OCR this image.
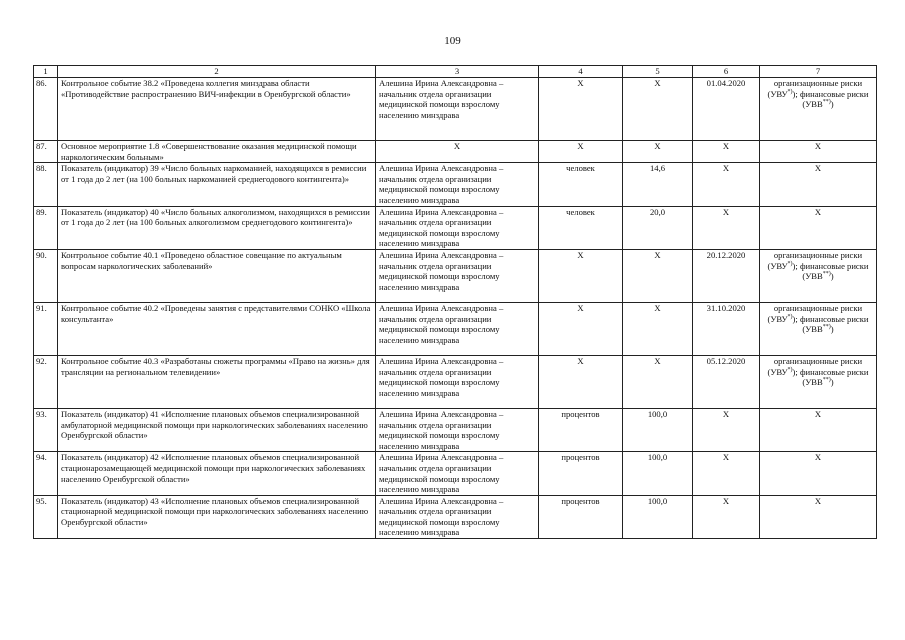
109
1	2	3	4	5	6	7
86.	Контрольное событие 38.2 «Проведена коллегия минздрава области «Противодействие распространению ВИЧ-инфекции в Оренбургской области»	Алешина Ирина Александровна – начальник отдела организации медицинской помощи взрослому населению минздрава	Х	Х	01.04.2020	организационные риски (УВУ*)); финансовые риски (УВВ**))
87.	Основное мероприятие 1.8 «Совершенствование оказания медицинской помощи наркологическим больным»	Х	Х	Х	Х	Х
88.	Показатель (индикатор) 39 «Число больных наркоманией, находящихся в ремиссии от 1 года до 2 лет (на 100 больных наркоманией среднегодового контингента)»	Алешина Ирина Александровна – начальник отдела организации медицинской помощи взрослому населению минздрава	человек	14,6	Х	Х
89.	Показатель (индикатор) 40 «Число больных алкоголизмом, находящихся в ремиссии от 1 года до 2 лет (на 100 больных алкоголизмом среднегодового контингента)»	Алешина Ирина Александровна – начальник отдела организации медицинской помощи взрослому населению минздрава	человек	20,0	Х	Х
90.	Контрольное событие 40.1 «Проведено областное совещание по актуальным вопросам наркологических заболеваний»	Алешина Ирина Александровна – начальник отдела организации медицинской помощи взрослому населению минздрава	Х	Х	20.12.2020	организационные риски (УВУ*)); финансовые риски (УВВ**))
91.	Контрольное событие 40.2 «Проведены занятия с представителями СОНКО «Школа консультанта»	Алешина Ирина Александровна – начальник отдела организации медицинской помощи взрослому населению минздрава	Х	Х	31.10.2020	организационные риски (УВУ*)); финансовые риски (УВВ**))
92.	Контрольное событие 40.3 «Разработаны сюжеты программы «Право на жизнь» для трансляции на региональном телевидении»	Алешина Ирина Александровна – начальник отдела организации медицинской помощи взрослому населению минздрава	Х	Х	05.12.2020	организационные риски (УВУ*)); финансовые риски (УВВ**))
93.	Показатель (индикатор) 41 «Исполнение плановых объемов специализированной амбулаторной медицинской помощи при наркологических заболеваниях населению Оренбургской области»	Алешина Ирина Александровна – начальник отдела организации медицинской помощи взрослому населению минздрава	процентов	100,0	Х	Х
94.	Показатель (индикатор) 42 «Исполнение плановых объемов специализированной стационарозамещающей медицинской помощи при наркологических заболеваниях населению Оренбургской области»	Алешина Ирина Александровна – начальник отдела организации медицинской помощи взрослому населению минздрава	процентов	100,0	Х	Х
95.	Показатель (индикатор) 43 «Исполнение плановых объемов специализированной стационарной медицинской помощи при наркологических заболеваниях населению Оренбургской области»	Алешина Ирина Александровна – начальник отдела организации медицинской помощи взрослому населению минздрава	процентов	100,0	Х	Х
